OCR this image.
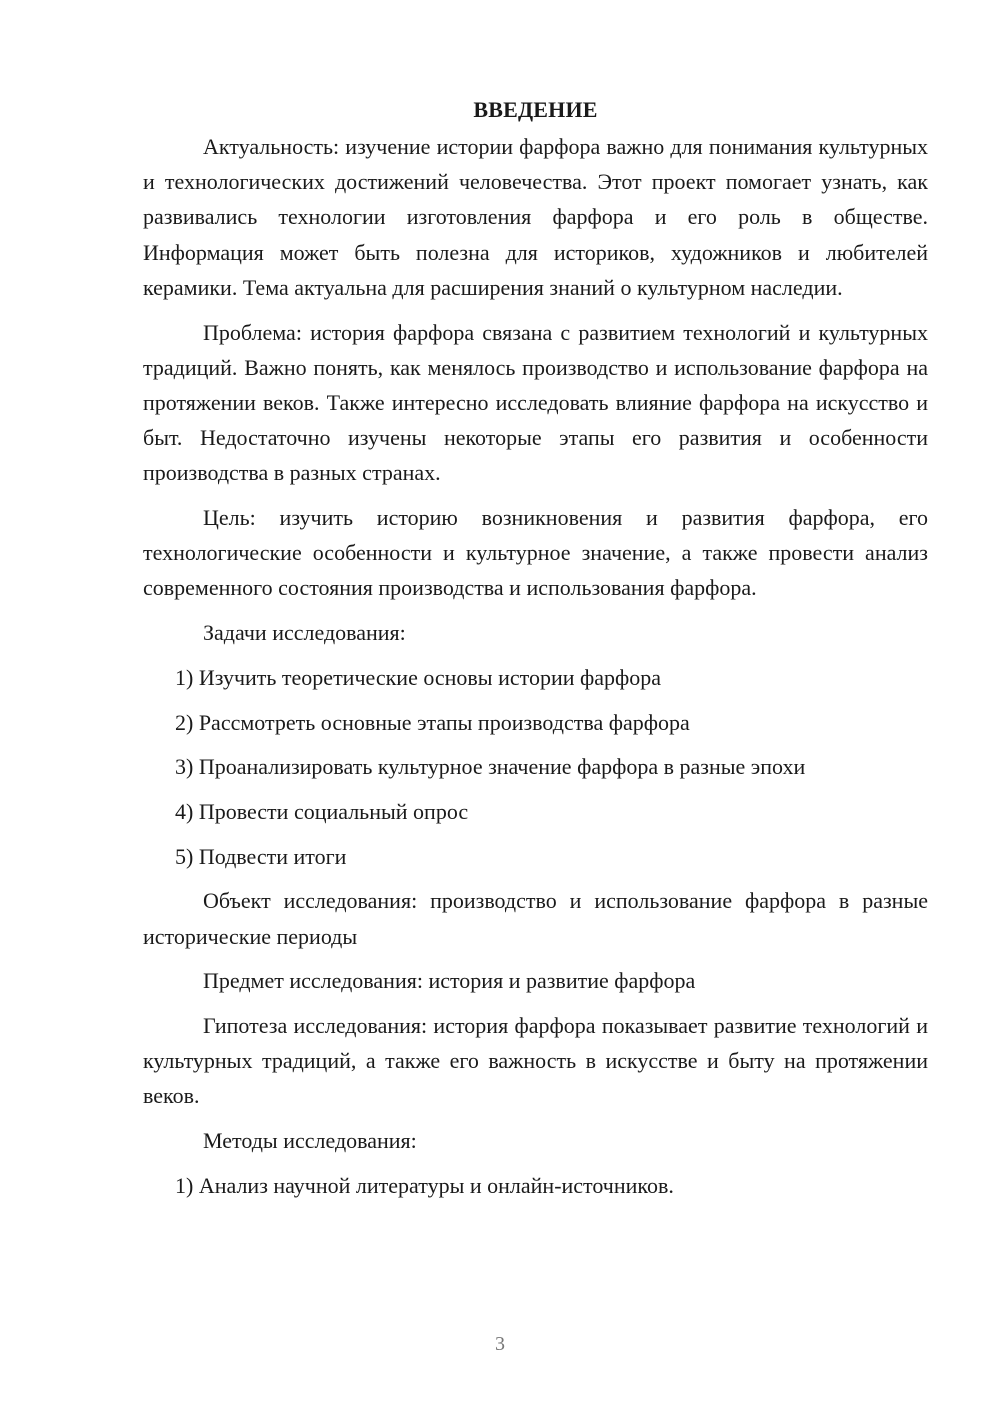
ВВЕДЕНИЕ

Актуальность: изучение истории фарфора важно для понимания культурных и технологических достижений человечества. Этот проект помогает узнать, как развивались технологии изготовления фарфора и его роль в обществе. Информация может быть полезна для историков, художников и любителей керамики. Тема актуальна для расширения знаний о культурном наследии.

Проблема: история фарфора связана с развитием технологий и культурных традиций. Важно понять, как менялось производство и использование фарфора на протяжении веков. Также интересно исследовать влияние фарфора на искусство и быт. Недостаточно изучены некоторые этапы его развития и особенности производства в разных странах.

Цель: изучить историю возникновения и развития фарфора, его технологические особенности и культурное значение, а также провести анализ современного состояния производства и использования фарфора.

Задачи исследования:

1) Изучить теоретические основы истории фарфора

2) Рассмотреть основные этапы производства фарфора

3) Проанализировать культурное значение фарфора в разные эпохи

4) Провести социальный опрос

5) Подвести итоги

Объект исследования: производство и использование фарфора в разные исторические периоды

Предмет исследования: история и развитие фарфора

Гипотеза исследования: история фарфора показывает развитие технологий и культурных традиций, а также его важность в искусстве и быту на протяжении веков.

Методы исследования:

1) Анализ научной литературы и онлайн-источников.

3
